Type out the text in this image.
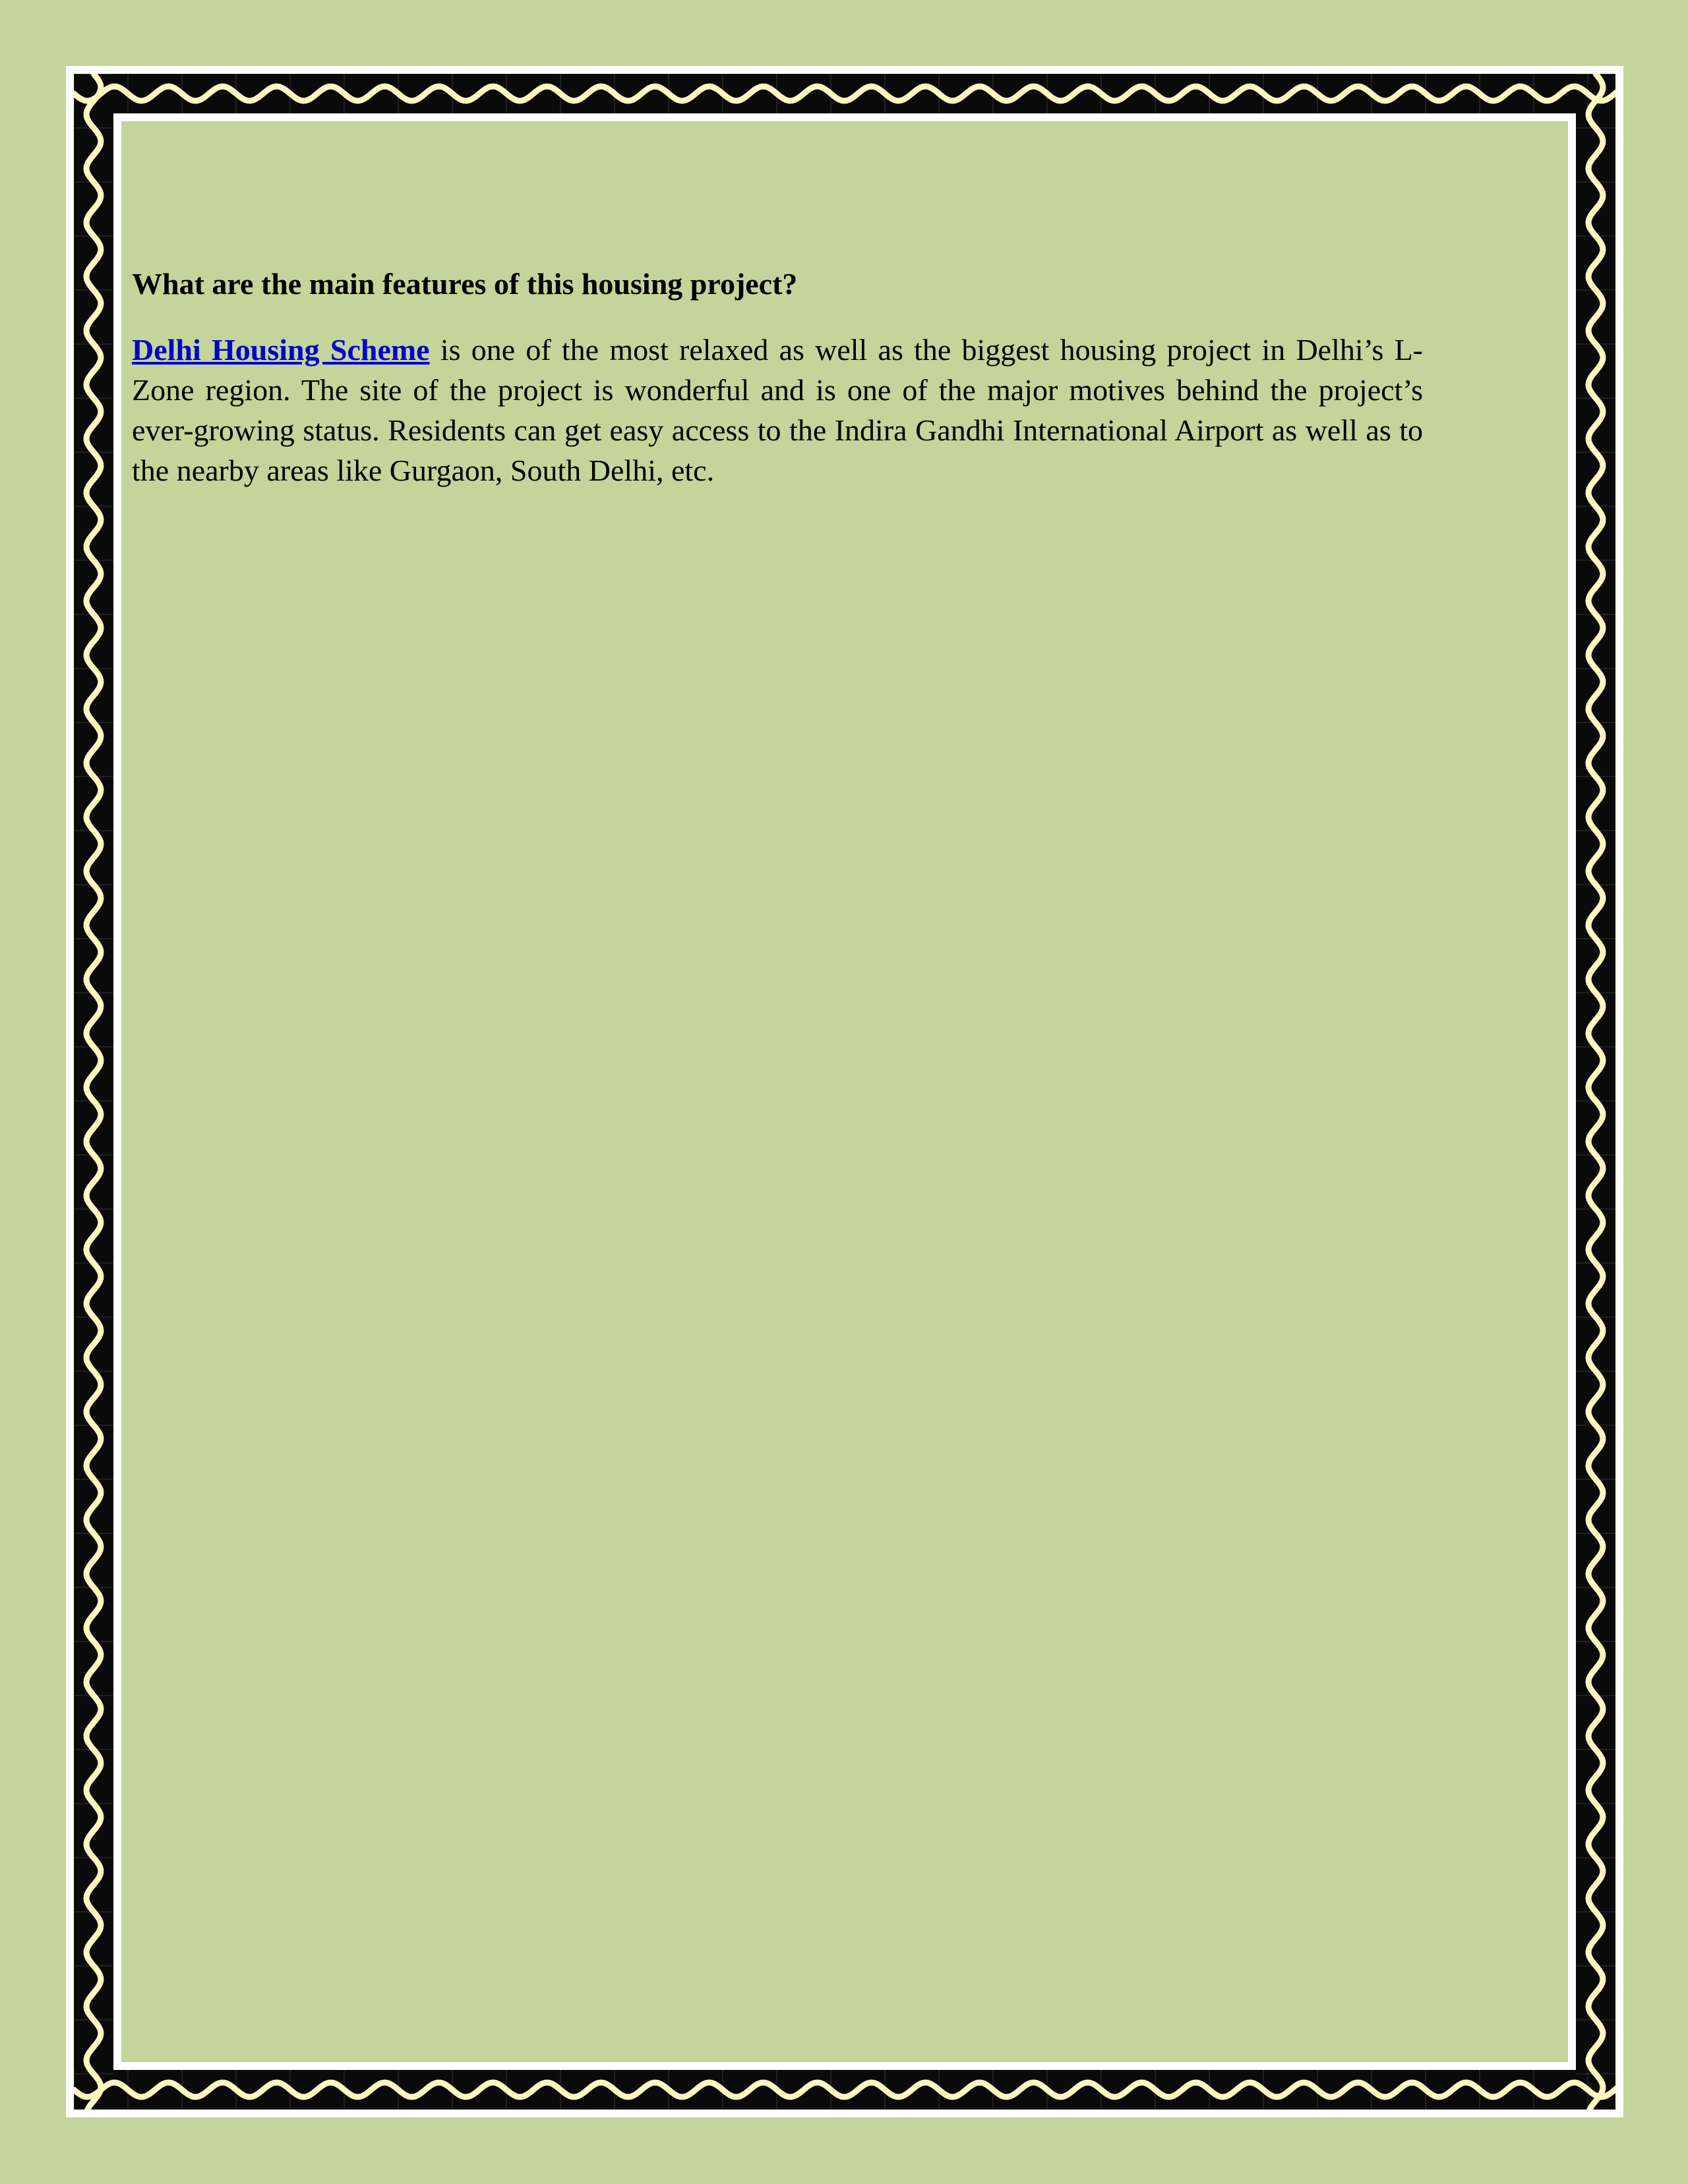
What are the main features of this housing project?

Delhi Housing Scheme is one of the most relaxed as well as the biggest housing project in Delhi’s L-Zone region. The site of the project is wonderful and is one of the major motives behind the project’s ever-growing status. Residents can get easy access to the Indira Gandhi International Airport as well as to the nearby areas like Gurgaon, South Delhi, etc.
